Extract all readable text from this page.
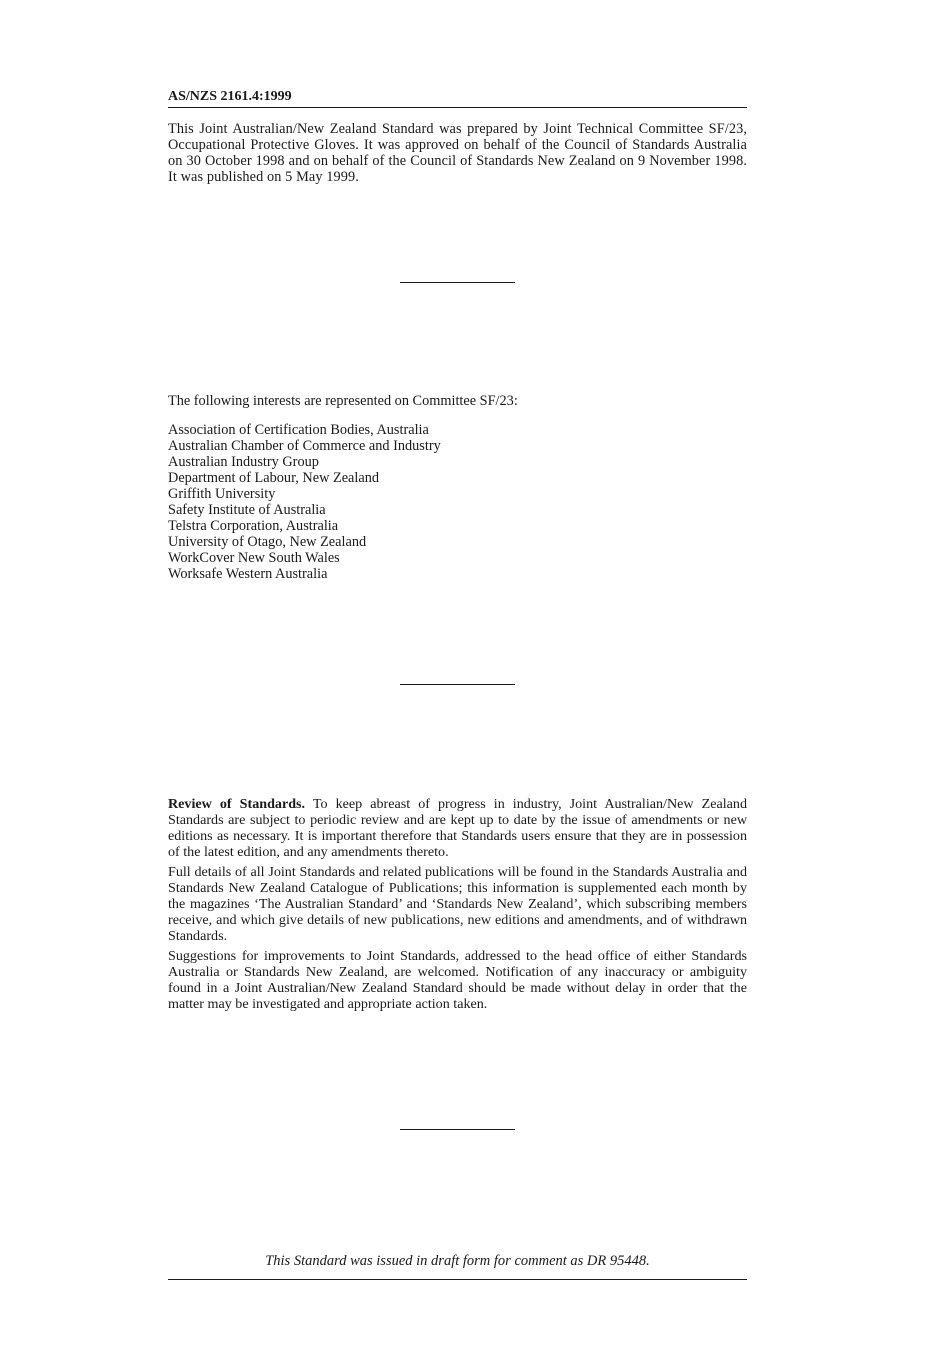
AS/NZS 2161.4:1999

This Joint Australian/New Zealand Standard was prepared by Joint Technical Committee SF/23, Occupational Protective Gloves. It was approved on behalf of the Council of Standards Australia on 30 October 1998 and on behalf of the Council of Standards New Zealand on 9 November 1998. It was published on 5 May 1999.

The following interests are represented on Committee SF/23:

Association of Certification Bodies, Australia
Australian Chamber of Commerce and Industry
Australian Industry Group
Department of Labour, New Zealand
Griffith University
Safety Institute of Australia
Telstra Corporation, Australia
University of Otago, New Zealand
WorkCover New South Wales
Worksafe Western Australia

Review of Standards. To keep abreast of progress in industry, Joint Australian/New Zealand Standards are subject to periodic review and are kept up to date by the issue of amendments or new editions as necessary. It is important therefore that Standards users ensure that they are in possession of the latest edition, and any amendments thereto.

Full details of all Joint Standards and related publications will be found in the Standards Australia and Standards New Zealand Catalogue of Publications; this information is supplemented each month by the magazines ‘The Australian Standard’ and ‘Standards New Zealand’, which subscribing members receive, and which give details of new publications, new editions and amendments, and of withdrawn Standards.

Suggestions for improvements to Joint Standards, addressed to the head office of either Standards Australia or Standards New Zealand, are welcomed. Notification of any inaccuracy or ambiguity found in a Joint Australian/New Zealand Standard should be made without delay in order that the matter may be investigated and appropriate action taken.

This Standard was issued in draft form for comment as DR 95448.
